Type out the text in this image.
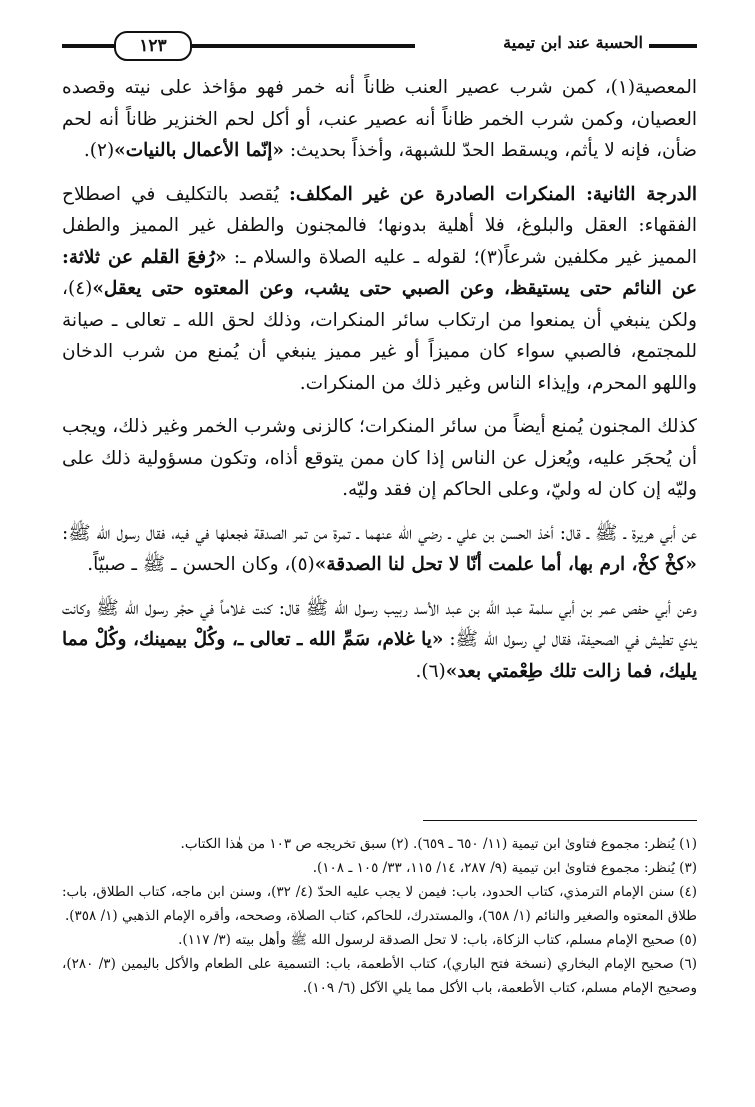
الحسبة عند ابن تيمية
١٢٣

المعصية(١)، كمن شرب عصير العنب ظاناً أنه خمر فهو مؤاخذ على نيته وقصده العصيان، وكمن شرب الخمر ظاناً أنه عصير عنب، أو أكل لحم الخنزير ظاناً أنه لحم ضأن، فإنه لا يأثم، ويسقط الحدّ للشبهة، وأخذاً بحديث: «إنّما الأعمال بالنيات»(٢).

الدرجة الثانية: المنكرات الصادرة عن غير المكلف: يُقصد بالتكليف في اصطلاح الفقهاء: العقل والبلوغ، فلا أهلية بدونها؛ فالمجنون والطفل غير المميز والطفل المميز غير مكلفين شرعاً(٣)؛ لقوله ـ عليه الصلاة والسلام ـ: «رُفعَ القلم عن ثلاثة: عن النائم حتى يستيقظ، وعن الصبي حتى يشب، وعن المعتوه حتى يعقل»(٤)، ولكن ينبغي أن يمنعوا من ارتكاب سائر المنكرات، وذلك لحق الله ـ تعالى ـ صيانة للمجتمع، فالصبي سواء كان مميزاً أو غير مميز ينبغي أن يُمنع من شرب الدخان واللهو المحرم، وإيذاء الناس وغير ذلك من المنكرات.

كذلك المجنون يُمنع أيضاً من سائر المنكرات؛ كالزنى وشرب الخمر وغير ذلك، ويجب أن يُحجَر عليه، ويُعزل عن الناس إذا كان ممن يتوقع أذاه، وتكون مسؤولية ذلك على وليّه إن كان له وليّ، وعلى الحاكم إن فقد وليّه.

عن أبي هريرة ـ ﷺ ـ قال: أخذ الحسن بن علي ـ رضي الله عنهما ـ تمرة من تمر الصدقة فجعلها في فيه، فقال رسول الله ﷺ: «كخْ كخْ، ارم بها، أما علمت أنّا لا تحل لنا الصدقة»(٥)، وكان الحسن ـ ﷺ ـ صبيّاً.

وعن أبي حفص عمر بن أبي سلمة عبد الله بن عبد الأسد ربيب رسول الله ﷺ قال: كنت غلاماً في حجْر رسول الله ﷺ وكانت يدي تطيش في الصحيفة، فقال لي رسول الله ﷺ: «يا غلام، سَمِّ الله ـ تعالى ـ، وكُلْ بيمينك، وكُلْ مما يليك، فما زالت تلك طِعْمتي بعد»(٦).

(١) يُنظر: مجموع فتاوىٰ ابن تيمية (١١/ ٦٥٠ ـ ٦٥٩). (٢) سبق تخريجه ص ١٠٣ من هٰذا الكتاب.

(٣) يُنظر: مجموع فتاوىٰ ابن تيمية (٩/ ٢٨٧، ١٤/ ١١٥، ٣٣/ ١٠٥ ـ ١٠٨).

(٤) سنن الإمام الترمذي، كتاب الحدود، باب: فيمن لا يجب عليه الحدّ (٤/ ٣٢)، وسنن ابن ماجه، كتاب الطلاق، باب: طلاق المعتوه والصغير والنائم (١/ ٦٥٨)، والمستدرك، للحاكم، كتاب الصلاة، وصححه، وأقره الإمام الذهبي (١/ ٣٥٨).

(٥) صحيح الإمام مسلم، كتاب الزكاة، باب: لا تحل الصدقة لرسول الله ﷺ وأهل بيته (٣/ ١١٧).

(٦) صحيح الإمام البخاري (نسخة فتح الباري)، كتاب الأطعمة، باب: التسمية على الطعام والأكل باليمين (٣/ ٢٨٠)، وصحيح الإمام مسلم، كتاب الأطعمة، باب الأكل مما يلي الآكل (٦/ ١٠٩).
